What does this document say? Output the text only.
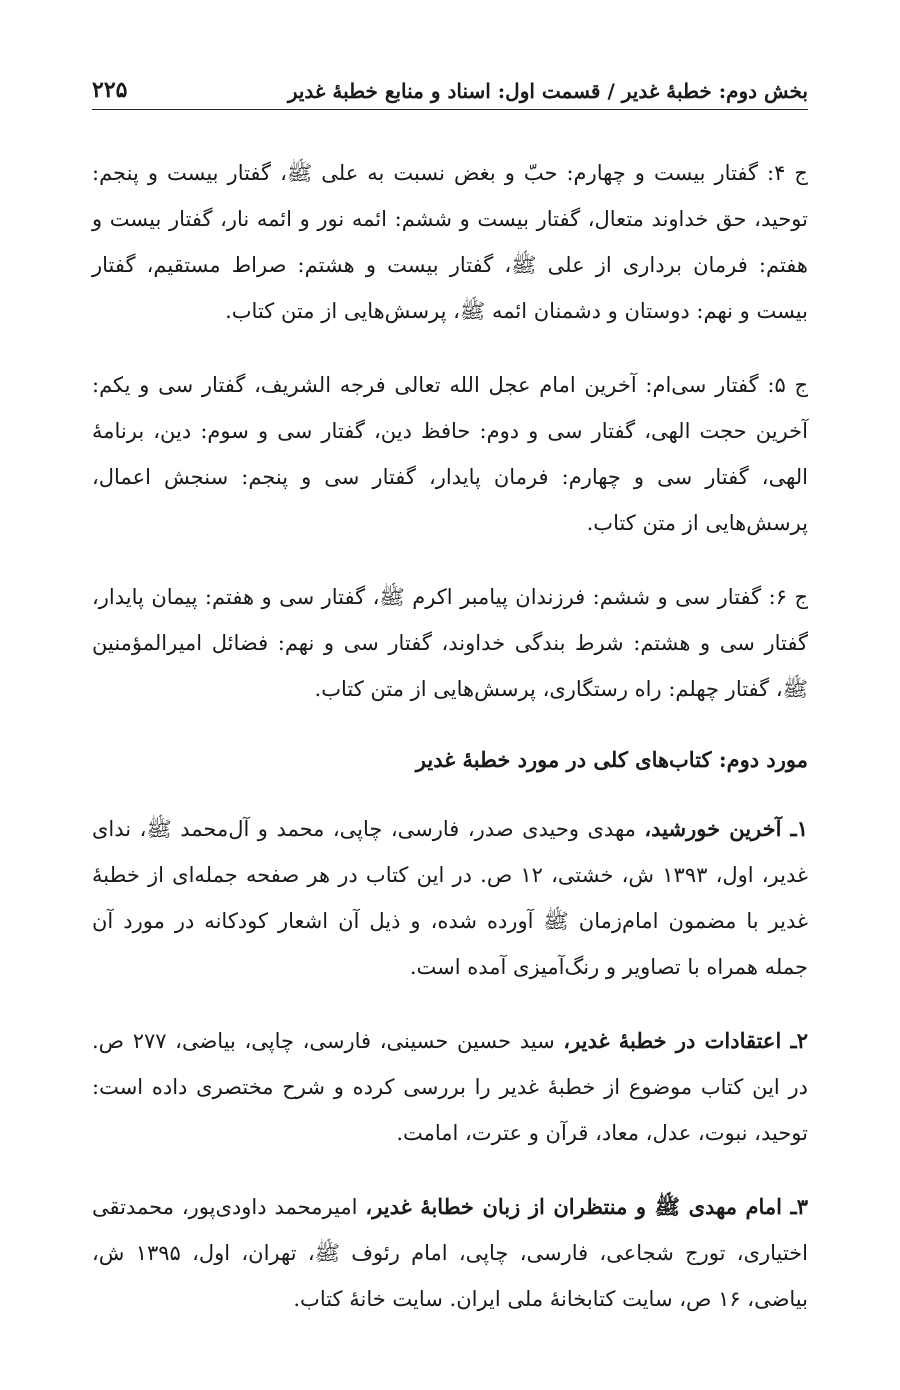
بخش دوم: خطبۀ غدیر / قسمت اول: اسناد و منابع خطبۀ غدیر
۲۲۵

ج ۴: گفتار بیست و چهارم: حبّ و بغض نسبت به علی ﷺ، گفتار بیست و پنجم: توحید، حق خداوند متعال، گفتار بیست و ششم: ائمه نور و ائمه نار، گفتار بیست و هفتم: فرمان برداری از علی ﷺ، گفتار بیست و هشتم: صراط مستقیم، گفتار بیست و نهم: دوستان و دشمنان ائمه ﷺ، پرسش‌هایی از متن کتاب.

ج ۵: گفتار سی‌ام: آخرین امام عجل الله تعالی فرجه الشریف، گفتار سی و یکم: آخرین حجت الهی، گفتار سی و دوم: حافظ دین، گفتار سی و سوم: دین، برنامۀ الهی، گفتار سی و چهارم: فرمان پایدار، گفتار سی و پنجم: سنجش اعمال، پرسش‌هایی از متن کتاب.

ج ۶: گفتار سی و ششم: فرزندان پیامبر اکرم ﷺ، گفتار سی و هفتم: پیمان پایدار، گفتار سی و هشتم: شرط بندگی خداوند، گفتار سی و نهم: فضائل امیرالمؤمنین ﷺ، گفتار چهلم: راه رستگاری، پرسش‌هایی از متن کتاب.

مورد دوم: کتاب‌های کلی در مورد خطبۀ غدیر

۱ـ آخرین خورشید، مهدی وحیدی صدر، فارسی، چاپی، محمد و آل‌محمد ﷺ، ندای غدیر، اول، ۱۳۹۳ ش، خشتی، ۱۲ ص. در این کتاب در هر صفحه جمله‌ای از خطبۀ غدیر با مضمون امام‌زمان ﷺ آورده شده، و ذیل آن اشعار کودکانه در مورد آن جمله همراه با تصاویر و رنگ‌آمیزی آمده است.

۲ـ اعتقادات در خطبۀ غدیر، سید حسین حسینی، فارسی، چاپی، بیاضی، ۲۷۷ ص. در این کتاب موضوع از خطبۀ غدیر را بررسی کرده و شرح مختصری داده است: توحید، نبوت، عدل، معاد، قرآن و عترت، امامت.

۳ـ امام مهدی ﷺ و منتظران از زبان خطابۀ غدیر، امیرمحمد داودی‌پور، محمدتقی اختیاری، تورج شجاعی، فارسی، چاپی، امام رئوف ﷺ، تهران، اول، ۱۳۹۵ ش، بیاضی، ۱۶ ص، سایت کتابخانۀ ملی ایران. سایت خانۀ کتاب.
